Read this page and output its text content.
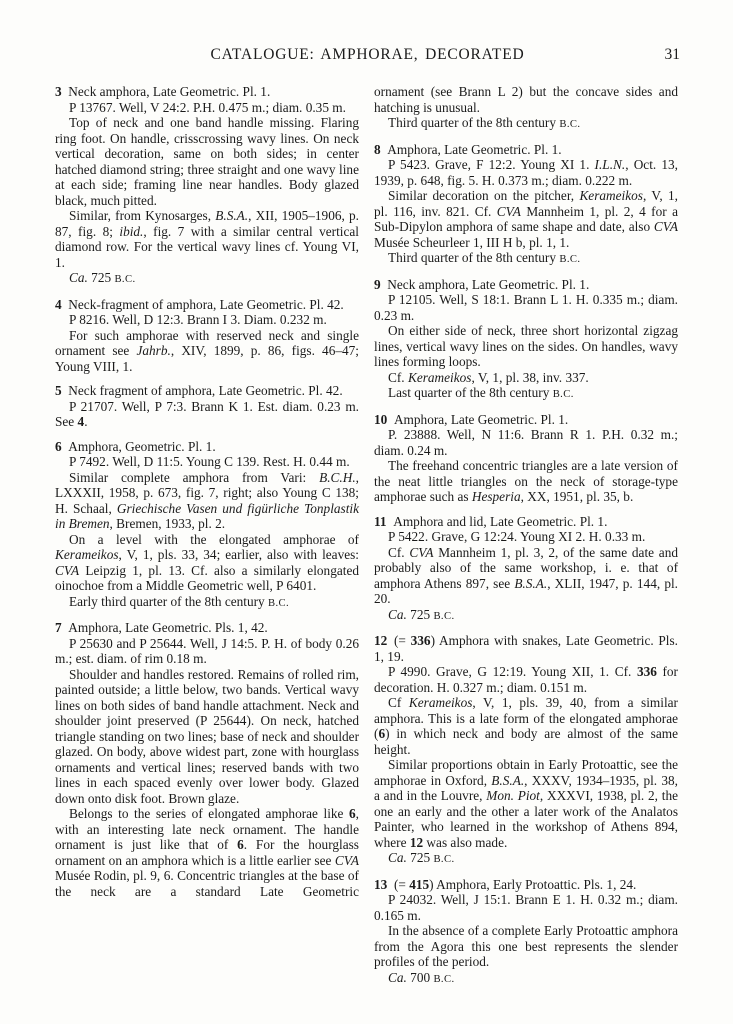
CATALOGUE: AMPHORAE, DECORATED	31

3 Neck amphora, Late Geometric. Pl. 1.

P 13767. Well, V 24:2. P.H. 0.475 m.; diam. 0.35 m.

Top of neck and one band handle missing. Flaring ring foot. On handle, crisscrossing wavy lines. On neck vertical decoration, same on both sides; in center hatched diamond string; three straight and one wavy line at each side; framing line near handles. Body glazed black, much pitted.

Similar, from Kynosarges, B.S.A., XII, 1905–1906, p. 87, fig. 8; ibid., fig. 7 with a similar central vertical diamond row. For the vertical wavy lines cf. Young VI, 1.

Ca. 725 B.C.

4 Neck-fragment of amphora, Late Geometric. Pl. 42.

P 8216. Well, D 12:3. Brann I 3. Diam. 0.232 m.

For such amphorae with reserved neck and single ornament see Jahrb., XIV, 1899, p. 86, figs. 46–47; Young VIII, 1.

5 Neck fragment of amphora, Late Geometric. Pl. 42.

P 21707. Well, P 7:3. Brann K 1. Est. diam. 0.23 m. See 4.

6 Amphora, Geometric. Pl. 1.

P 7492. Well, D 11:5. Young C 139. Rest. H. 0.44 m.

Similar complete amphora from Vari: B.C.H., LXXXII, 1958, p. 673, fig. 7, right; also Young C 138; H. Schaal, Griechische Vasen und figürliche Tonplastik in Bremen, Bremen, 1933, pl. 2.

On a level with the elongated amphorae of Kerameikos, V, 1, pls. 33, 34; earlier, also with leaves: CVA Leipzig 1, pl. 13. Cf. also a similarly elongated oinochoe from a Middle Geometric well, P 6401.

Early third quarter of the 8th century B.C.

7 Amphora, Late Geometric. Pls. 1, 42.

P 25630 and P 25644. Well, J 14:5. P. H. of body 0.26 m.; est. diam. of rim 0.18 m.

Shoulder and handles restored. Remains of rolled rim, painted outside; a little below, two bands. Vertical wavy lines on both sides of band handle attachment. Neck and shoulder joint preserved (P 25644). On neck, hatched triangle standing on two lines; base of neck and shoulder glazed. On body, above widest part, zone with hourglass ornaments and vertical lines; reserved bands with two lines in each spaced evenly over lower body. Glazed down onto disk foot. Brown glaze.

Belongs to the series of elongated amphorae like 6, with an interesting late neck ornament. The handle ornament is just like that of 6. For the hourglass ornament on an amphora which is a little earlier see CVA Musée Rodin, pl. 9, 6. Concentric triangles at the base of the neck are a standard Late Geometric

ornament (see Brann L 2) but the concave sides and hatching is unusual.

Third quarter of the 8th century B.C.

8 Amphora, Late Geometric. Pl. 1.

P 5423. Grave, F 12:2. Young XI 1. I.L.N., Oct. 13, 1939, p. 648, fig. 5. H. 0.373 m.; diam. 0.222 m.

Similar decoration on the pitcher, Kerameikos, V, 1, pl. 116, inv. 821. Cf. CVA Mannheim 1, pl. 2, 4 for a Sub-Dipylon amphora of same shape and date, also CVA Musée Scheurleer 1, III H b, pl. 1, 1.

Third quarter of the 8th century B.C.

9 Neck amphora, Late Geometric. Pl. 1.

P 12105. Well, S 18:1. Brann L 1. H. 0.335 m.; diam. 0.23 m.

On either side of neck, three short horizontal zigzag lines, vertical wavy lines on the sides. On handles, wavy lines forming loops.

Cf. Kerameikos, V, 1, pl. 38, inv. 337.

Last quarter of the 8th century B.C.

10 Amphora, Late Geometric. Pl. 1.

P. 23888. Well, N 11:6. Brann R 1. P.H. 0.32 m.; diam. 0.24 m.

The freehand concentric triangles are a late version of the neat little triangles on the neck of storage-type amphorae such as Hesperia, XX, 1951, pl. 35, b.

11 Amphora and lid, Late Geometric. Pl. 1.

P 5422. Grave, G 12:24. Young XI 2. H. 0.33 m.

Cf. CVA Mannheim 1, pl. 3, 2, of the same date and probably also of the same workshop, i. e. that of amphora Athens 897, see B.S.A., XLII, 1947, p. 144, pl. 20.

Ca. 725 B.C.

12 (= 336) Amphora with snakes, Late Geometric. Pls. 1, 19.

P 4990. Grave, G 12:19. Young XII, 1. Cf. 336 for decoration. H. 0.327 m.; diam. 0.151 m.

Cf Kerameikos, V, 1, pls. 39, 40, from a similar amphora. This is a late form of the elongated amphorae (6) in which neck and body are almost of the same height.

Similar proportions obtain in Early Protoattic, see the amphorae in Oxford, B.S.A., XXXV, 1934–1935, pl. 38, a and in the Louvre, Mon. Piot, XXXVI, 1938, pl. 2, the one an early and the other a later work of the Analatos Painter, who learned in the workshop of Athens 894, where 12 was also made.

Ca. 725 B.C.

13 (= 415) Amphora, Early Protoattic. Pls. 1, 24.

P 24032. Well, J 15:1. Brann E 1. H. 0.32 m.; diam. 0.165 m.

In the absence of a complete Early Protoattic amphora from the Agora this one best represents the slender profiles of the period.

Ca. 700 B.C.
